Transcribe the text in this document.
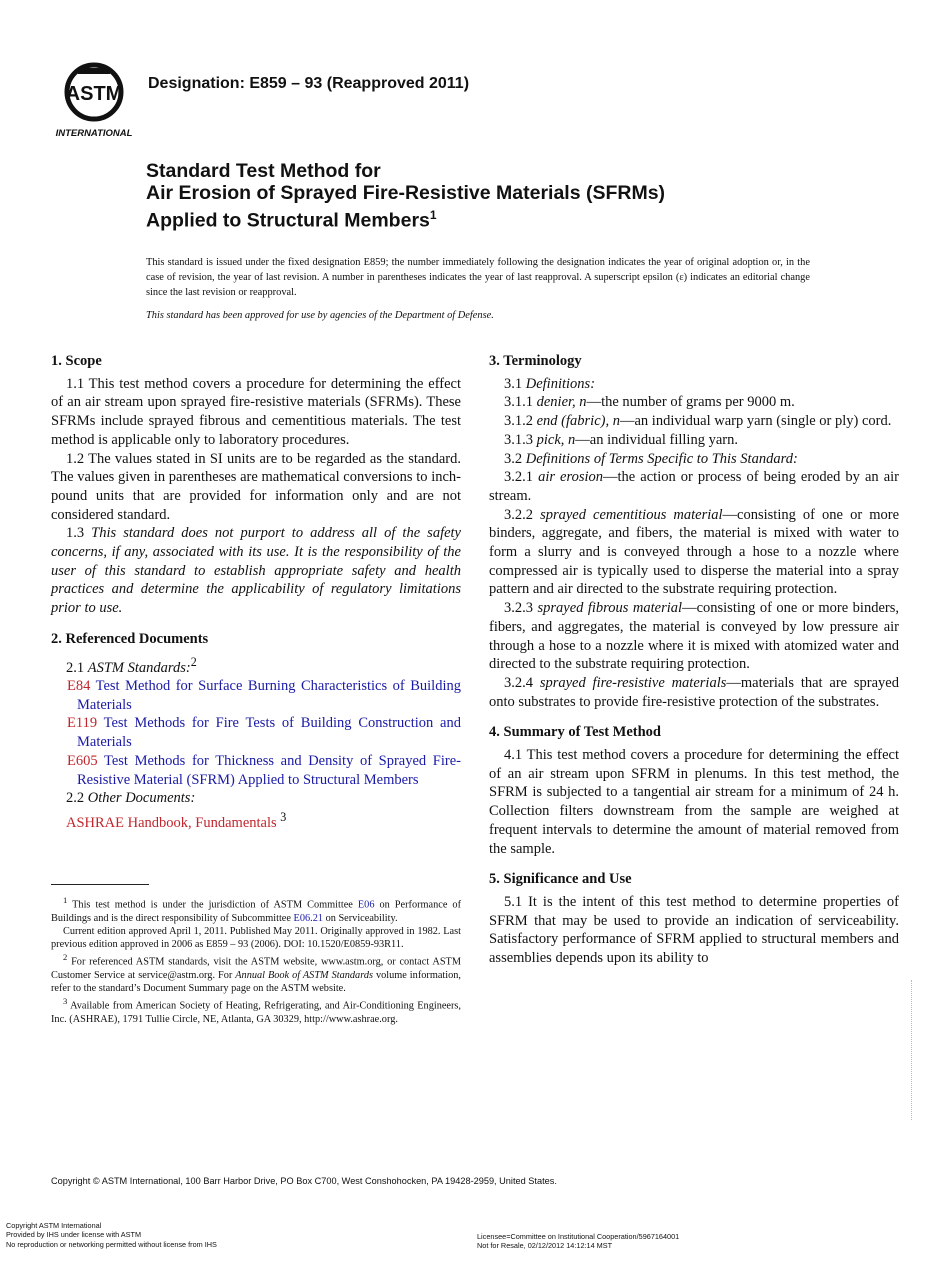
ASTM
INTERNATIONAL
Designation: E859 – 93 (Reapproved 2011)
Standard Test Method for
Air Erosion of Sprayed Fire-Resistive Materials (SFRMs)
Applied to Structural Members$^1$

This standard is issued under the fixed designation E859; the number immediately following the designation indicates the year of original adoption or, in the case of revision, the year of last revision. A number in parentheses indicates the year of last reapproval. A superscript epsilon (ε) indicates an editorial change since the last revision or reapproval.

This standard has been approved for use by agencies of the Department of Defense.

1. Scope

1.1 This test method covers a procedure for determining the effect of an air stream upon sprayed fire-resistive materials (SFRMs). These SFRMs include sprayed fibrous and cementitious materials. The test method is applicable only to laboratory procedures.

1.2 The values stated in SI units are to be regarded as the standard. The values given in parentheses are mathematical conversions to inch-pound units that are provided for information only and are not considered standard.

1.3 This standard does not purport to address all of the safety concerns, if any, associated with its use. It is the responsibility of the user of this standard to establish appropriate safety and health practices and determine the applicability of regulatory limitations prior to use.

2. Referenced Documents

2.1 ASTM Standards:$^2$

E84 Test Method for Surface Burning Characteristics of Building Materials

E119 Test Methods for Fire Tests of Building Construction and Materials

E605 Test Methods for Thickness and Density of Sprayed Fire-Resistive Material (SFRM) Applied to Structural Members

2.2 Other Documents:

ASHRAE Handbook, Fundamentals $^3$

$^1$ This test method is under the jurisdiction of ASTM Committee E06 on Performance of Buildings and is the direct responsibility of Subcommittee E06.21 on Serviceability.

Current edition approved April 1, 2011. Published May 2011. Originally approved in 1982. Last previous edition approved in 2006 as E859 – 93 (2006). DOI: 10.1520/E0859-93R11.

$^2$ For referenced ASTM standards, visit the ASTM website, www.astm.org, or contact ASTM Customer Service at service@astm.org. For Annual Book of ASTM Standards volume information, refer to the standard’s Document Summary page on the ASTM website.

$^3$ Available from American Society of Heating, Refrigerating, and Air-Conditioning Engineers, Inc. (ASHRAE), 1791 Tullie Circle, NE, Atlanta, GA 30329, http://www.ashrae.org.

3. Terminology

3.1 Definitions:

3.1.1 denier, n—the number of grams per 9000 m.

3.1.2 end (fabric), n—an individual warp yarn (single or ply) cord.

3.1.3 pick, n—an individual filling yarn.

3.2 Definitions of Terms Specific to This Standard:

3.2.1 air erosion—the action or process of being eroded by an air stream.

3.2.2 sprayed cementitious material—consisting of one or more binders, aggregate, and fibers, the material is mixed with water to form a slurry and is conveyed through a hose to a nozzle where compressed air is typically used to disperse the material into a spray pattern and air directed to the substrate requiring protection.

3.2.3 sprayed fibrous material—consisting of one or more binders, fibers, and aggregates, the material is conveyed by low pressure air through a hose to a nozzle where it is mixed with atomized water and directed to the substrate requiring protection.

3.2.4 sprayed fire-resistive materials—materials that are sprayed onto substrates to provide fire-resistive protection of the substrates.

4. Summary of Test Method

4.1 This test method covers a procedure for determining the effect of an air stream upon SFRM in plenums. In this test method, the SFRM is subjected to a tangential air stream for a minimum of 24 h. Collection filters downstream from the sample are weighed at frequent intervals to determine the amount of material removed from the sample.

5. Significance and Use

5.1 It is the intent of this test method to determine properties of SFRM that may be used to provide an indication of serviceability. Satisfactory performance of SFRM applied to structural members and assemblies depends upon its ability to

Copyright © ASTM International, 100 Barr Harbor Drive, PO Box C700, West Conshohocken, PA 19428-2959, United States.
Copyright ASTM International
Provided by IHS under license with ASTM
No reproduction or networking permitted without license from IHS
Licensee=Committee on Institutional Cooperation/5967164001
Not for Resale, 02/12/2012 14:12:14 MST
